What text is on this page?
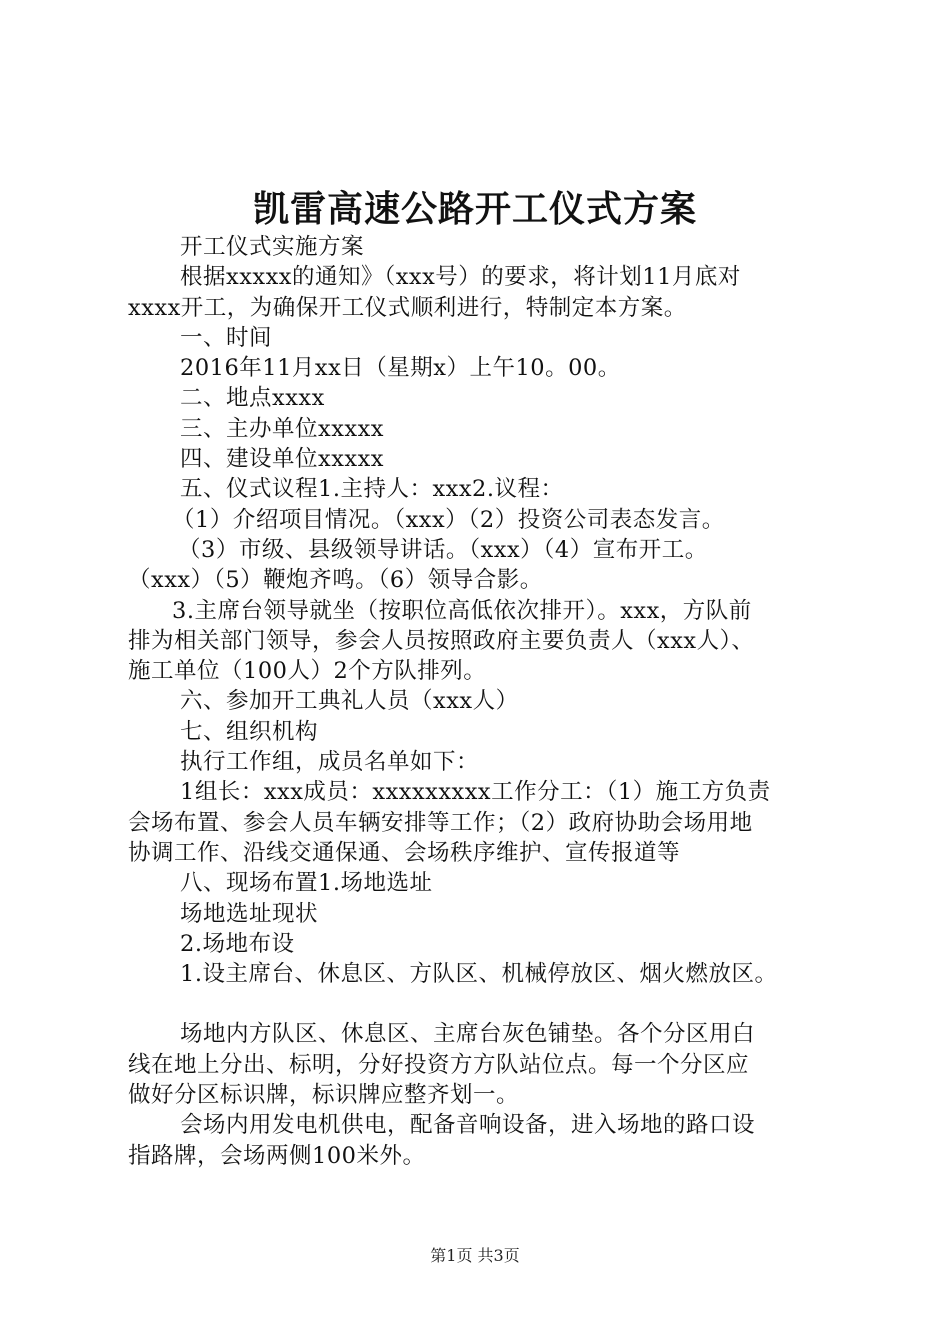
凯雷高速公路开工仪式方案

开工仪式实施方案

根据xxxxx的通知》（xxx号）的要求，将计划11月底对

xxxx开工，为确保开工仪式顺利进行，特制定本方案。

一、时间

2016年11月xx日（星期x）上午10。00。

二、地点xxxx

三、主办单位xxxxx

四、建设单位xxxxx

五、仪式议程1.主持人：xxx2.议程：

（1）介绍项目情况。（xxx）（2）投资公司表态发言。

（3）市级、县级领导讲话。（xxx）（4）宣布开工。

（xxx）（5）鞭炮齐鸣。（6）领导合影。

3.主席台领导就坐（按职位高低依次排开）。xxx，方队前

排为相关部门领导，参会人员按照政府主要负责人（xxx人）、

施工单位（100人）2个方队排列。

六、参加开工典礼人员（xxx人）

七、组织机构

执行工作组，成员名单如下：

1组长：xxx成员：xxxxxxxxx工作分工：（1）施工方负责

会场布置、参会人员车辆安排等工作；（2）政府协助会场用地

协调工作、沿线交通保通、会场秩序维护、宣传报道等

八、现场布置1.场地选址

场地选址现状

2.场地布设

1.设主席台、休息区、方队区、机械停放区、烟火燃放区。

场地内方队区、休息区、主席台灰色铺垫。各个分区用白

线在地上分出、标明，分好投资方方队站位点。每一个分区应

做好分区标识牌，标识牌应整齐划一。

会场内用发电机供电，配备音响设备，进入场地的路口设

指路牌，会场两侧100米外。

第1页 共3页
